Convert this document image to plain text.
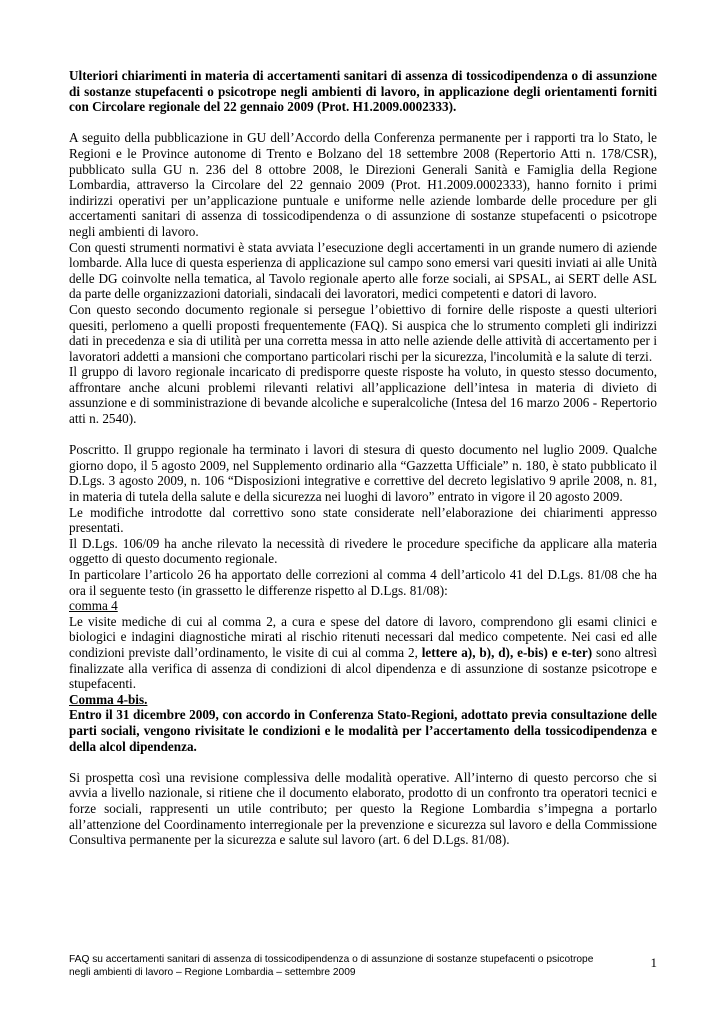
Ulteriori chiarimenti in materia di accertamenti sanitari di assenza di tossicodipendenza o di assunzione di sostanze stupefacenti o psicotrope negli ambienti di lavoro, in applicazione degli orientamenti forniti con Circolare regionale del 22 gennaio 2009 (Prot. H1.2009.0002333).

A seguito della pubblicazione in GU dell’Accordo della Conferenza permanente per i rapporti tra lo Stato, le Regioni e le Province autonome di Trento e Bolzano del 18 settembre 2008 (Repertorio Atti n. 178/CSR), pubblicato sulla GU n. 236 del 8 ottobre 2008, le Direzioni Generali Sanità e Famiglia della Regione Lombardia, attraverso la Circolare del 22 gennaio 2009 (Prot. H1.2009.0002333), hanno fornito i primi indirizzi operativi per un’applicazione puntuale e uniforme nelle aziende lombarde delle procedure per gli accertamenti sanitari di assenza di tossicodipendenza o di assunzione di sostanze stupefacenti o psicotrope negli ambienti di lavoro.

Con questi strumenti normativi è stata avviata l’esecuzione degli accertamenti in un grande numero di aziende lombarde. Alla luce di questa esperienza di applicazione sul campo sono emersi vari quesiti inviati ai alle Unità delle DG coinvolte nella tematica, al Tavolo regionale aperto alle forze sociali, ai SPSAL, ai SERT delle ASL da parte delle organizzazioni datoriali, sindacali dei lavoratori, medici competenti e datori di lavoro.

Con questo secondo documento regionale si persegue l’obiettivo di fornire delle risposte a questi ulteriori quesiti, perlomeno a quelli proposti frequentemente (FAQ). Si auspica che lo strumento completi gli indirizzi dati in precedenza e sia di utilità per una corretta messa in atto nelle aziende delle attività di accertamento per i lavoratori addetti a mansioni che comportano particolari rischi per la sicurezza, l'incolumità e la salute di terzi.

Il gruppo di lavoro regionale incaricato di predisporre queste risposte ha voluto, in questo stesso documento, affrontare anche alcuni problemi rilevanti relativi all’applicazione dell’intesa in materia di divieto di assunzione e di somministrazione di bevande alcoliche e superalcoliche (Intesa del 16 marzo 2006 - Repertorio atti n. 2540).

Poscritto. Il gruppo regionale ha terminato i lavori di stesura di questo documento nel luglio 2009. Qualche giorno dopo, il 5 agosto 2009, nel Supplemento ordinario alla “Gazzetta Ufficiale” n. 180, è stato pubblicato il D.Lgs. 3 agosto 2009, n. 106 “Disposizioni integrative e correttive del decreto legislativo 9 aprile 2008, n. 81, in materia di tutela della salute e della sicurezza nei luoghi di lavoro” entrato in vigore il 20 agosto 2009.

Le modifiche introdotte dal correttivo sono state considerate nell’elaborazione dei chiarimenti appresso presentati.

Il D.Lgs. 106/09 ha anche rilevato la necessità di rivedere le procedure specifiche da applicare alla materia oggetto di questo documento regionale.

In particolare l’articolo 26 ha apportato delle correzioni al comma 4 dell’articolo 41 del D.Lgs. 81/08 che ha ora il seguente testo (in grassetto le differenze rispetto al D.Lgs. 81/08):

comma 4

Le visite mediche di cui al comma 2, a cura e spese del datore di lavoro, comprendono gli esami clinici e biologici e indagini diagnostiche mirati al rischio ritenuti necessari dal medico competente. Nei casi ed alle condizioni previste dall’ordinamento, le visite di cui al comma 2, lettere a), b), d), e-bis) e e-ter) sono altresì finalizzate alla verifica di assenza di condizioni di alcol dipendenza e di assunzione di sostanze psicotrope e stupefacenti.

Comma 4-bis.

Entro il 31 dicembre 2009, con accordo in Conferenza Stato-Regioni, adottato previa consultazione delle parti sociali, vengono rivisitate le condizioni e le modalità per l’accertamento della tossicodipendenza e della alcol dipendenza.

Si prospetta così una revisione complessiva delle modalità operative. All’interno di questo percorso che si avvia a livello nazionale, si ritiene che il documento elaborato, prodotto di un confronto tra operatori tecnici e forze sociali, rappresenti un utile contributo; per questo la Regione Lombardia s’impegna a portarlo all’attenzione del Coordinamento interregionale per la prevenzione e sicurezza sul lavoro e della Commissione Consultiva permanente per la sicurezza e salute sul lavoro (art. 6 del D.Lgs. 81/08).

FAQ su accertamenti sanitari di assenza di tossicodipendenza o di assunzione di sostanze stupefacenti o psicotrope
negli ambienti di lavoro – Regione Lombardia – settembre 2009
1
